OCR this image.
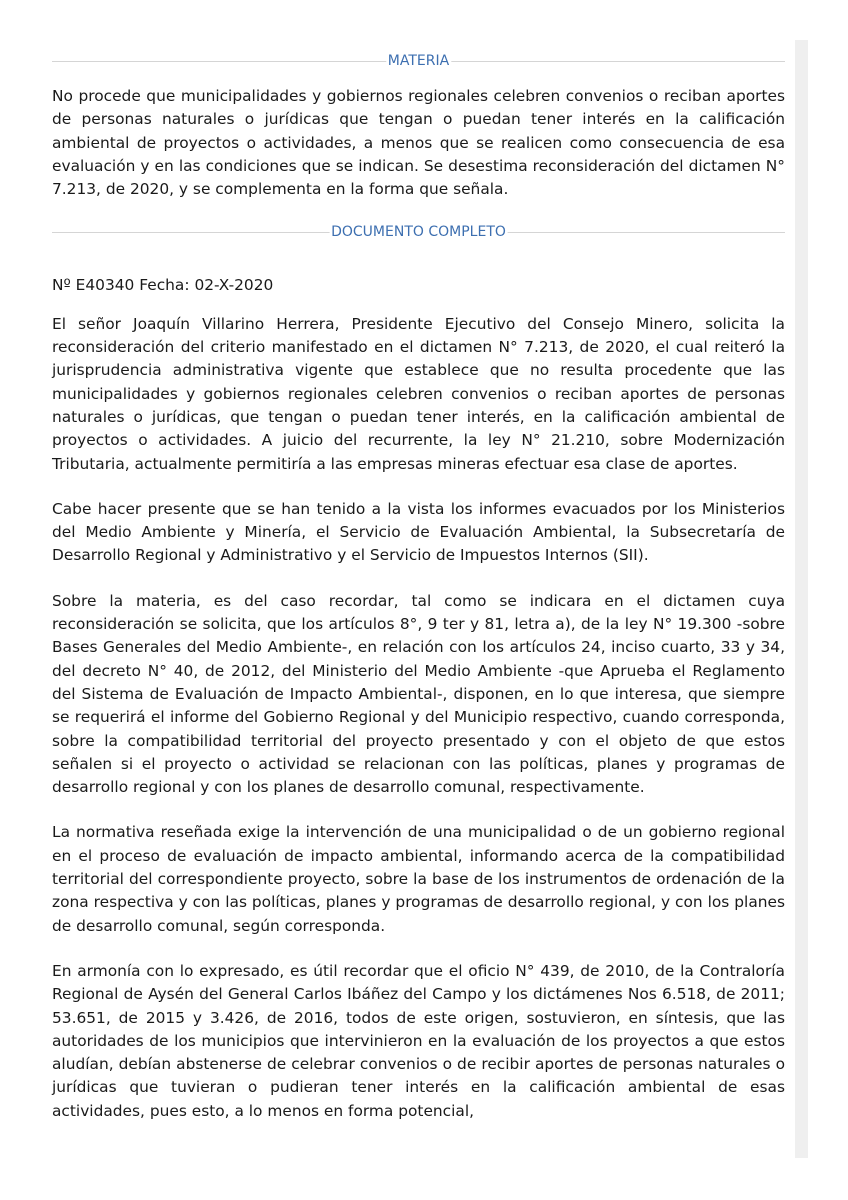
MATERIA

No procede que municipalidades y gobiernos regionales celebren convenios o reciban aportes de personas naturales o jurídicas que tengan o puedan tener interés en la calificación ambiental de proyectos o actividades, a menos que se realicen como consecuencia de esa evaluación y en las condiciones que se indican. Se desestima reconsideración del dictamen N° 7.213, de 2020, y se complementa en la forma que señala.

DOCUMENTO COMPLETO

Nº E40340 Fecha: 02-X-2020

El señor Joaquín Villarino Herrera, Presidente Ejecutivo del Consejo Minero, solicita la reconsideración del criterio manifestado en el dictamen N° 7.213, de 2020, el cual reiteró la jurisprudencia administrativa vigente que establece que no resulta procedente que las municipalidades y gobiernos regionales celebren convenios o reciban aportes de personas naturales o jurídicas, que tengan o puedan tener interés, en la calificación ambiental de proyectos o actividades. A juicio del recurrente, la ley N° 21.210, sobre Modernización Tributaria, actualmente permitiría a las empresas mineras efectuar esa clase de aportes.

Cabe hacer presente que se han tenido a la vista los informes evacuados por los Ministerios del Medio Ambiente y Minería, el Servicio de Evaluación Ambiental, la Subsecretaría de Desarrollo Regional y Administrativo y el Servicio de Impuestos Internos (SII).

Sobre la materia, es del caso recordar, tal como se indicara en el dictamen cuya reconsideración se solicita, que los artículos 8°, 9 ter y 81, letra a), de la ley N° 19.300 -sobre Bases Generales del Medio Ambiente-, en relación con los artículos 24, inciso cuarto, 33 y 34, del decreto N° 40, de 2012, del Ministerio del Medio Ambiente -que Aprueba el Reglamento del Sistema de Evaluación de Impacto Ambiental-, disponen, en lo que interesa, que siempre se requerirá el informe del Gobierno Regional y del Municipio respectivo, cuando corresponda, sobre la compatibilidad territorial del proyecto presentado y con el objeto de que estos señalen si el proyecto o actividad se relacionan con las políticas, planes y programas de desarrollo regional y con los planes de desarrollo comunal, respectivamente.

La normativa reseñada exige la intervención de una municipalidad o de un gobierno regional en el proceso de evaluación de impacto ambiental, informando acerca de la compatibilidad territorial del correspondiente proyecto, sobre la base de los instrumentos de ordenación de la zona respectiva y con las políticas, planes y programas de desarrollo regional, y con los planes de desarrollo comunal, según corresponda.

En armonía con lo expresado, es útil recordar que el oficio N° 439, de 2010, de la Contraloría Regional de Aysén del General Carlos Ibáñez del Campo y los dictámenes Nos 6.518, de 2011; 53.651, de 2015 y 3.426, de 2016, todos de este origen, sostuvieron, en síntesis, que las autoridades de los municipios que intervinieron en la evaluación de los proyectos a que estos aludían, debían abstenerse de celebrar convenios o de recibir aportes de personas naturales o jurídicas que tuvieran o pudieran tener interés en la calificación ambiental de esas actividades, pues esto, a lo menos en forma potencial,
